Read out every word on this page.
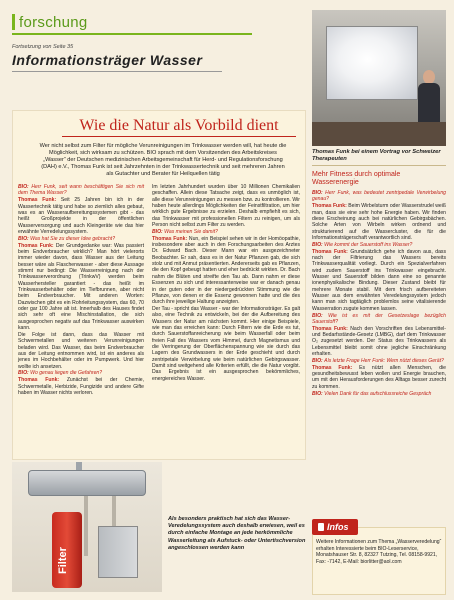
forschung
Fortsetzung von Seite 35
Informationsträger Wasser
Thomas Funk bei einem Vortrag vor Schweizer Therapeuten
Wie die Natur als Vorbild dient
Wer nicht selbst zum Filter für mögliche Verunreinigungen im Trinkwasser werden will, hat heute die Möglichkeit, sich wirksam zu schützen. BIO sprach mit dem Vorsitzenden des Arbeitskreises „Wasser“ der Deutschen medizinischen Arbeitsgemeinschaft für Herd- und Regulationsforschung (DAH) e.V., Thomas Funk ist seit Jahrzehnten in der Trinkwassertechnik und seit mehreren Jahren als Gutachter und Berater für Heilquellen tätig

BIO: Herr Funk, seit wann beschäftigen Sie sich mit dem Thema Wasser?

Thomas Funk: Seit 25 Jahren bin ich in der Wassertechnik tätig und habe so ziemlich alles gebaut, was es an Wasseraufbereitungssystemen gibt - das heißt Großprojekte in der öffentlichen Wasserversorgung und auch Kleingeräte wie das hier erwähnte Verredelungssystem.

BIO: Was hat Sie zu dieser Idee gebracht?

Thomas Funk: Der Grundgedanke war: Was passiert beim Endverbraucher wirklich? Man hört vielerorts immer wieder davon, dass Wasser aus der Leitung besser wäre als Flaschenwasser - aber diese Aussage stimmt nur bedingt: Die Wasserreinigung nach der Trinkwasserverordnung (TrinkwV) werden beim Wasserhersteller garantiert - das heißt im Trinkwasserbehälter oder im Tiefbrunnen, aber nicht beim Endverbraucher. Mit anderen Worten: Dazwischen gibt es ein Rohrleitungssystem, das 60, 70 oder gar 100 Jahre alt ist. Innerhalb des Hauses findet sich sehr oft eine Mischinstallation, die sich ausgesprochen negativ auf das Trinkwasser auswirken kann.

Die Folge ist dann, dass das Wasser mit Schwermetallen und weiteren Verunreinigungen beladen wird. Das Wasser, das beim Endverbraucher aus der Leitung entnommen wird, ist ein anderes als jenes im Hochbehälter oder im Pumpwerk. Und hier wollte ich ansetzen.

BIO: Wo genau liegen die Gefahren?

Thomas Funk: Zunächst bei der Chemie, Schwermetalle, Herbizide, Fungizide und andere Gifte haben im Wasser nichts verloren.

Im letzten Jahrhundert wurden über 10 Millionen Chemikalien geschaffen. Allein diese Tatsache zeigt, dass es unmöglich ist, alle diese Verunreinigungen zu messen bzw. zu kontrollieren. Wir haben heute allerdings Möglichkeiten der Feinstfiltration, um hier wirklich gute Ergebnisse zu erzielen. Deshalb empfiehlt es sich, das Trinkwasser mit professionellen Filtern zu reinigen, um als Person nicht selbst zum Filter zu werden.

BIO: Was meinen Sie damit?

Thomas Funk: Nun, ein Beispiel sehen wir in der Homöopathie, insbesondere aber auch in den Forschungsarbeiten des Arztes Dr. Edward Bach. Dieser Mann war ein ausgezeichneter Beobachter. Er sah, dass es in der Natur Pflanzen gab, die sich stolz und mit Anmut präsentierten. Andererseits gab es Pflanzen, die den Kopf gebeugt hatten und eher bedrückt wirkten. Dr. Bach nahm die Blüten und streifte den Tau ab. Dann nahm er diese Essenzen zu sich und interessanterweise war er danach genau in der guten oder in der niedergedrückten Stimmung wie die Pflanze, von denen er die Essenz gewonnen hatte und die des durch ihre jeweilige Haltung anzeigten.

Der Tau - spricht das Wasser - war der Informationsträger. Es galt also, eine Technik zu entwickeln, bei der die Aufbereitung des Wassers der Natur am nächsten kommt. Hier einige Beispiele, wie man das erreichen kann: Durch Filtern wie die Erde es tut, durch Sauerstoffanreicherung wie beim Wasserfall oder beim freien Fall des Wassers vom Himmel, durch Magnetismus und die Verringerung der Oberflächenspannung wie sie durch das Lagern des Grundwassers in der Erde geschieht und durch zentripetale Verwirbelung wie beim natürlichen Gebirgswasser. Damit sind weitgehend alle Kriterien erfüllt, die die Natur vorgibt. Das Ergebnis ist ein ausgesprochen bekömmliches, energiereiches Wasser.

Mehr Fitness durch optimale Wasserenergie

BIO: Herr Funk, was bedeutet zentripedale Verwirbelung genau?

Thomas Funk: Beim Wirbelsturm oder Wasserstrudel weiß man, dass sie eine sehr hohe Energie haben. Wir finden diese Erscheinung auch bei natürlichen Gebirgsbächen. Solche Arten von Wirbeln wirken ordnend und strukturierend auf die Wassercluster, die für die Informationsträgerschaft verantwortlich sind.

BIO: Wie kommt der Sauerstoff ins Wasser?

Thomas Funk: Grundsätzlich gehe ich davon aus, dass nach der Filtrierung das Wassers bereits Trinkwasserqualität vorliegt. Durch ein Spezialverfahren wird zudem Sauerstoff ins Trinkwasser eingebracht. Wasser und Sauerstoff bilden dann eine so genannte ionenphysikalische Bindung. Dieser Zustand bleibt für mehrere Monate stabil. Mit dem frisch aufbereiteten Wasser aus dem erwähnten Veredelungssystem jedoch kann man sich tagtäglich problemlos seine vitalisierende Wasserration zugute kommen lassen.

BIO: Wie ist es mit der Gesetzeslage bezüglich Sauerstoff?

Thomas Funk: Nach den Vorschriften des Lebensmittel- und Bedarfsstände-Gesetz (LMBG), darf dem Trinkwasser O₂ zugesetzt werden. Der Status des Trinkwassers als Lebensmittel bleibt somit ohne jegliche Einschränkung erhalten.

BIO: Als letzte Frage Herr Funk: Wem nützt dieses Gerät?

Thomas Funk: Es nützt allen Menschen, die gesundheitsbewusst leben wollen und Energie brauchen, um mit den Herausforderungen des Alltags besser zurecht zu kommen.

BIO: Vielen Dank für das aufschlussreiche Gespräch

Filter
Als besonders praktisch hat sich das Wasser-Veredelungssystem auch deshalb erwiesen, weil es durch einfache Montage an jede herkömmliche Wasserleitung als Aufstuck- oder Untertischversion angeschlossen werden kann
Infos
Weitere Informationen zum Thema „Wasserveredelung“ erhalten Interessierte beim BIO-Leserservice, Monatshauser Str. 8, 82327 Tutzing, Tel. 08158-9921, Fax: -7142, E-Mail: biorlitter@aol.com
